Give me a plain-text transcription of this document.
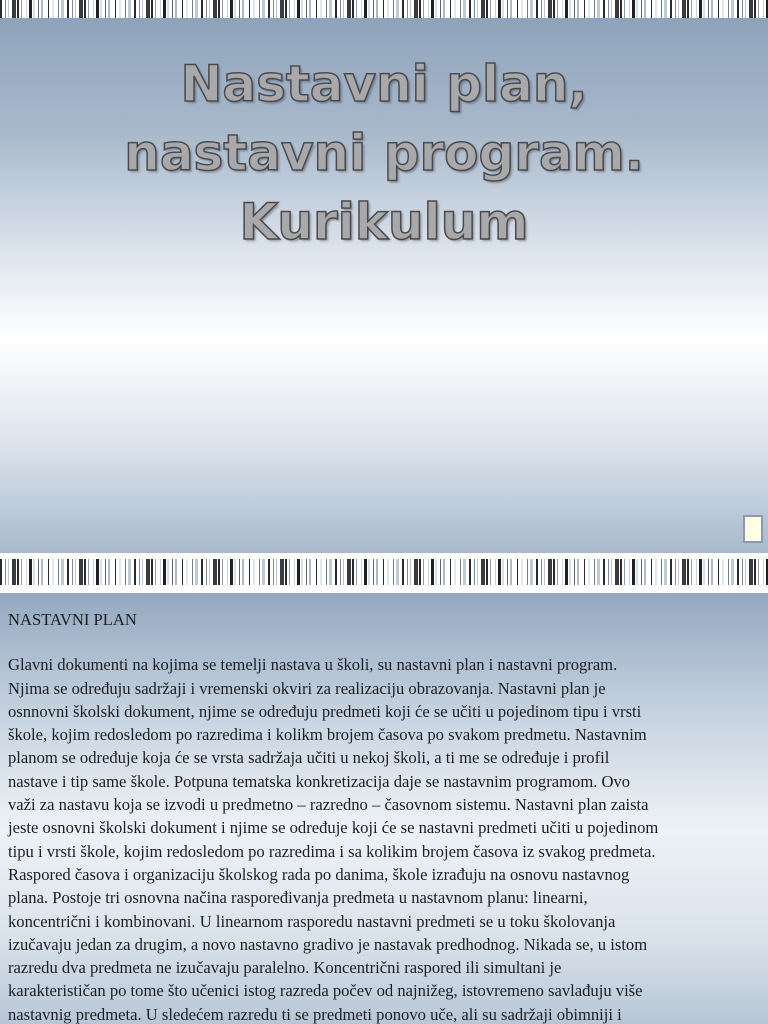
Nastavni plan,
nastavni program.
Kurikulum
NASTAVNI PLAN
Glavni dokumenti na kojima se temelji nastava u školi, su nastavni plan i nastavni program.
Njima se određuju sadržaji i vremenski okviri za realizaciju obrazovanja. Nastavni plan je
osnnovni školski dokument, njime se određuju predmeti koji će se učiti u pojedinom tipu i vrsti
škole, kojim redosledom po razredima i kolikm brojem časova po svakom predmetu. Nastavnim
planom se određuje koja će se vrsta sadržaja učiti u nekoj školi, a ti me se određuje i profil
nastave i tip same škole. Potpuna tematska konkretizacija daje se nastavnim programom. Ovo
važi za nastavu koja se izvodi u predmetno – razredno – časovnom sistemu. Nastavni plan zaista
jeste osnovni školski dokument i njime se određuje koji će se nastavni predmeti učiti u pojedinom
tipu i vrsti škole, kojim redosledom po razredima i sa kolikim brojem časova iz svakog predmeta.
Raspored časova i organizaciju školskog rada po danima, škole izrađuju na osnovu nastavnog
plana. Postoje tri osnovna načina raspoređivanja predmeta u nastavnom planu: linearni,
koncentrični i kombinovani. U linearnom rasporedu nastavni predmeti se u toku školovanja
izučavaju jedan za drugim, a novo nastavno gradivo je nastavak predhodnog. Nikada se, u istom
razredu dva predmeta ne izučavaju paralelno. Koncentrični raspored ili simultani je
karakterističan po tome što učenici istog razreda počev od najnižeg, istovremeno savlađuju više
nastavnig predmeta. U sledećem razredu ti se predmeti ponovo uče, ali su sadržaji obimniji i
